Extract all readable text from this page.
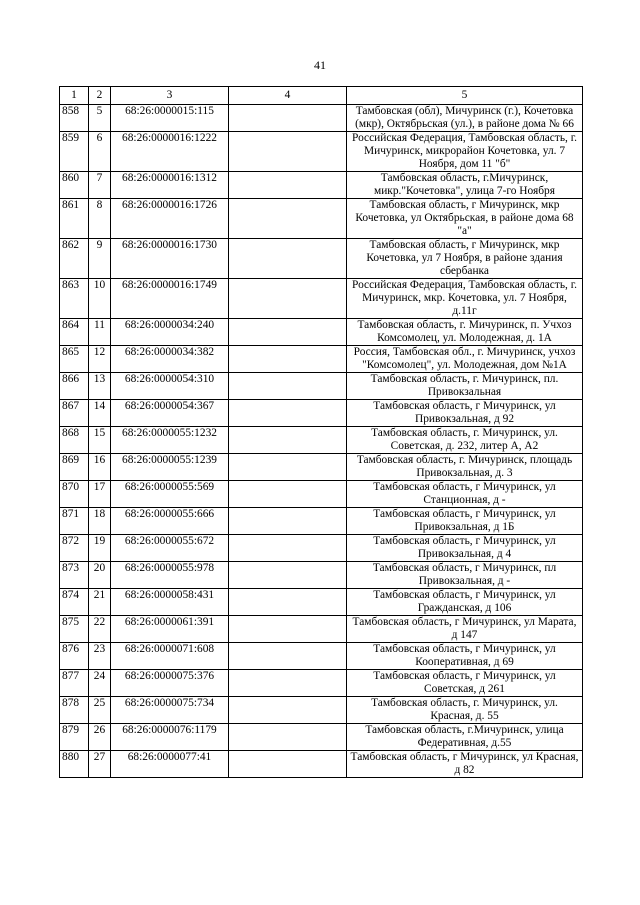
41
1	2	3	4	5
858	5	68:26:0000015:115		Тамбовская (обл), Мичуринск (г.), Кочетовка (мкр), Октябрьская (ул.), в районе дома № 66
859	6	68:26:0000016:1222		Российская Федерация, Тамбовская область, г. Мичуринск, микрорайон Кочетовка, ул. 7 Ноября, дом 11 "б"
860	7	68:26:0000016:1312		Тамбовская область, г.Мичуринск, микр."Кочетовка", улица 7-го Ноября
861	8	68:26:0000016:1726		Тамбовская область, г Мичуринск, мкр Кочетовка, ул Октябрьская, в районе дома 68 "а"
862	9	68:26:0000016:1730		Тамбовская область, г Мичуринск, мкр Кочетовка, ул 7 Ноября, в районе здания сбербанка
863	10	68:26:0000016:1749		Российская Федерация, Тамбовская область, г. Мичуринск, мкр. Кочетовка, ул. 7 Ноября, д.11г
864	11	68:26:0000034:240		Тамбовская область, г. Мичуринск, п. Учхоз Комсомолец, ул. Молодежная, д. 1А
865	12	68:26:0000034:382		Россия, Тамбовская обл., г. Мичуринск, учхоз "Комсомолец", ул. Молодежная, дом №1А
866	13	68:26:0000054:310		Тамбовская область, г. Мичуринск, пл. Привокзальная
867	14	68:26:0000054:367		Тамбовская область, г Мичуринск, ул Привокзальная, д 92
868	15	68:26:0000055:1232		Тамбовская область, г. Мичуринск, ул. Советская, д. 232, литер А, А2
869	16	68:26:0000055:1239		Тамбовская область, г. Мичуринск, площадь Привокзальная, д. 3
870	17	68:26:0000055:569		Тамбовская область, г Мичуринск, ул Станционная, д -
871	18	68:26:0000055:666		Тамбовская область, г Мичуринск, ул Привокзальная, д 1Б
872	19	68:26:0000055:672		Тамбовская область, г Мичуринск, ул Привокзальная, д 4
873	20	68:26:0000055:978		Тамбовская область, г Мичуринск, пл Привокзальная, д -
874	21	68:26:0000058:431		Тамбовская область, г Мичуринск, ул Гражданская, д 106
875	22	68:26:0000061:391		Тамбовская область, г Мичуринск, ул Марата, д 147
876	23	68:26:0000071:608		Тамбовская область, г Мичуринск, ул Кооперативная, д 69
877	24	68:26:0000075:376		Тамбовская область, г Мичуринск, ул Советская, д 261
878	25	68:26:0000075:734		Тамбовская область, г. Мичуринск, ул. Красная, д. 55
879	26	68:26:0000076:1179		Тамбовская область, г.Мичуринск, улица Федеративная, д.55
880	27	68:26:0000077:41		Тамбовская область, г Мичуринск, ул Красная, д 82
